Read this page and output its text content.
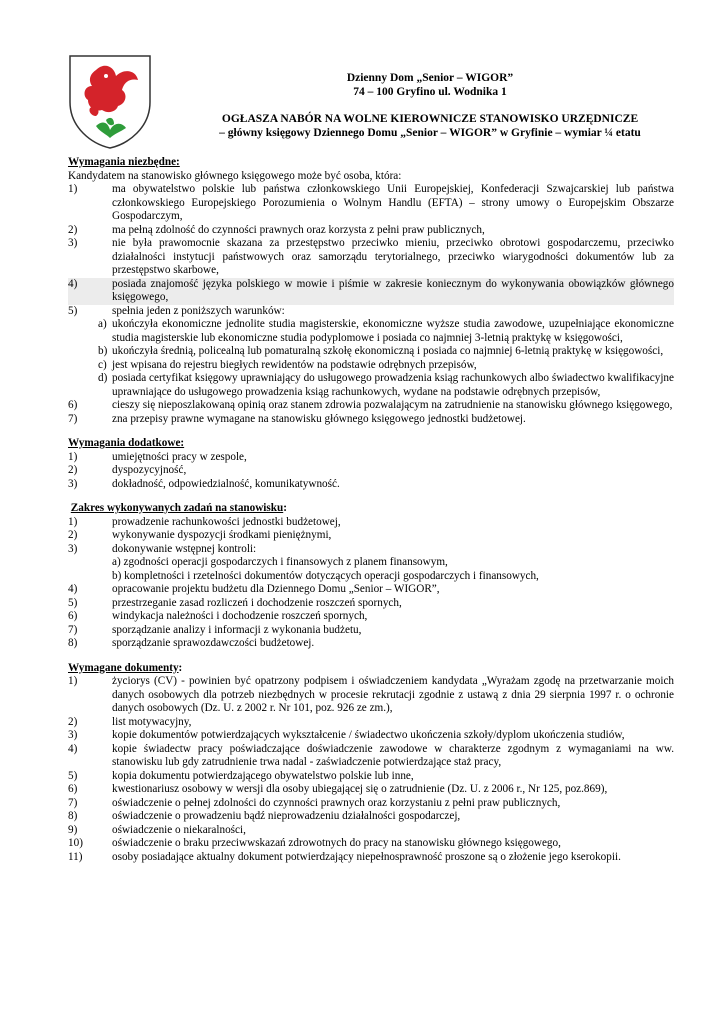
Dzienny Dom „Senior – WIGOR”
74 – 100 Gryfino ul. Wodnika 1
OGŁASZA NABÓR NA WOLNE KIEROWNICZE STANOWISKO URZĘDNICZE
– główny księgowy Dziennego Domu „Senior – WIGOR” w Gryfinie – wymiar ¼ etatu
Wymagania niezbędne:
Kandydatem na stanowisko głównego księgowego może być osoba, która:
1)	ma obywatelstwo polskie lub państwa członkowskiego Unii Europejskiej, Konfederacji Szwajcarskiej lub państwa członkowskiego Europejskiego Porozumienia o Wolnym Handlu (EFTA) – strony umowy o Europejskim Obszarze Gospodarczym,
2)	ma pełną zdolność do czynności prawnych oraz korzysta z pełni praw publicznych,
3)	nie była prawomocnie skazana za przestępstwo przeciwko mieniu, przeciwko obrotowi gospodarczemu, przeciwko działalności instytucji państwowych oraz samorządu terytorialnego, przeciwko wiarygodności dokumentów lub za przestępstwo skarbowe,
4)	posiada znajomość języka polskiego w mowie i piśmie w zakresie koniecznym do wykonywania obowiązków głównego księgowego,
5)	spełnia jeden z poniższych warunków:
a) ukończyła ekonomiczne jednolite studia magisterskie, ekonomiczne wyższe studia zawodowe, uzupełniające ekonomiczne studia magisterskie lub ekonomiczne studia podyplomowe i posiada co najmniej 3-letnią praktykę w księgowości,
b) ukończyła średnią, policealną lub pomaturalną szkołę ekonomiczną i posiada co najmniej 6-letnią praktykę w księgowości,
c) jest wpisana do rejestru biegłych rewidentów na podstawie odrębnych przepisów,
d) posiada certyfikat księgowy uprawniający do usługowego prowadzenia ksiąg rachunkowych albo świadectwo kwalifikacyjne uprawniające do usługowego prowadzenia ksiąg rachunkowych, wydane na podstawie odrębnych przepisów,
6)	cieszy się nieposzlakowaną opinią oraz stanem zdrowia pozwalającym na zatrudnienie na stanowisku głównego księgowego,
7)	zna przepisy prawne wymagane na stanowisku głównego księgowego jednostki budżetowej.
Wymagania dodatkowe:
1)	umiejętności pracy w zespole,
2)	dyspozycyjność,
3)	dokładność, odpowiedzialność, komunikatywność.
Zakres wykonywanych zadań na stanowisku:
1)	prowadzenie rachunkowości jednostki budżetowej,
2)	wykonywanie dyspozycji środkami pieniężnymi,
3)	dokonywanie wstępnej kontroli:
a) zgodności operacji gospodarczych i finansowych z planem finansowym,
b) kompletności i rzetelności dokumentów dotyczących operacji gospodarczych i finansowych,
4)	opracowanie projektu budżetu dla Dziennego Domu „Senior – WIGOR”,
5)	przestrzeganie zasad rozliczeń i dochodzenie roszczeń spornych,
6)	windykacja należności i dochodzenie roszczeń spornych,
7)	sporządzanie analizy i informacji z wykonania budżetu,
8)	sporządzanie sprawozdawczości budżetowej.
Wymagane dokumenty:
1)	życiorys (CV) - powinien być opatrzony podpisem i oświadczeniem kandydata „Wyrażam zgodę na przetwarzanie moich danych osobowych dla potrzeb niezbędnych w procesie rekrutacji zgodnie z ustawą z dnia 29 sierpnia 1997 r. o ochronie danych osobowych (Dz. U. z 2002 r. Nr 101, poz. 926 ze zm.),
2)	list motywacyjny,
3)	kopie dokumentów potwierdzających wykształcenie / świadectwo ukończenia szkoły/dyplom ukończenia studiów,
4)	kopie świadectw pracy poświadczające doświadczenie zawodowe w charakterze zgodnym z wymaganiami na ww. stanowisku lub gdy zatrudnienie trwa nadal - zaświadczenie potwierdzające staż pracy,
5)	kopia dokumentu potwierdzającego obywatelstwo polskie lub inne,
6)	kwestionariusz osobowy w wersji dla osoby ubiegającej się o zatrudnienie (Dz. U. z 2006 r., Nr 125, poz.869),
7)	oświadczenie o pełnej zdolności do czynności prawnych oraz korzystaniu z pełni praw publicznych,
8)	oświadczenie o prowadzeniu bądź nieprowadzeniu działalności gospodarczej,
9)	oświadczenie o niekaralności,
10)	oświadczenie o braku przeciwwskazań zdrowotnych do pracy na stanowisku głównego księgowego,
11)	osoby posiadające aktualny dokument potwierdzający niepełnosprawność proszone są o złożenie jego kserokopii.
